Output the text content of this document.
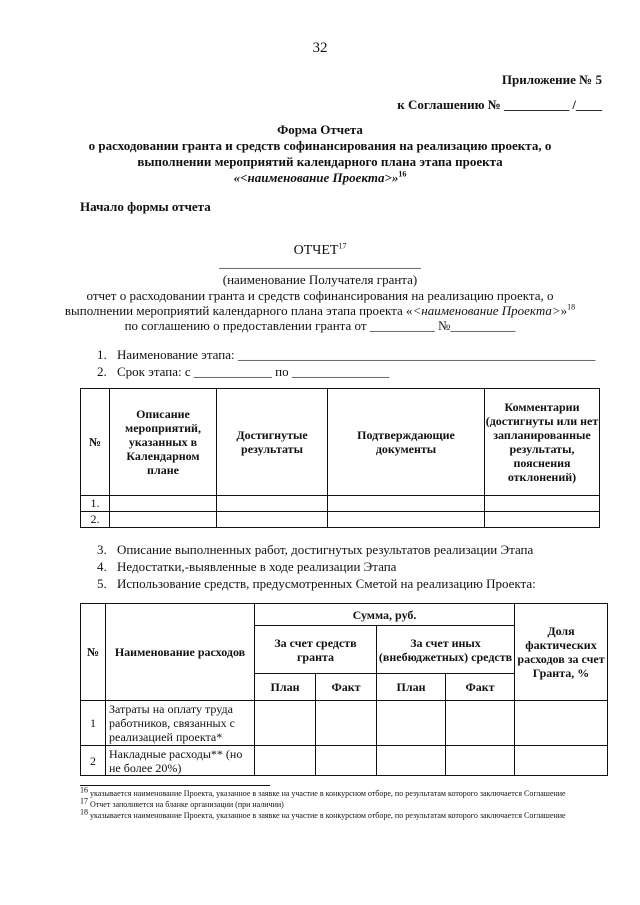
32
Приложение № 5
к Соглашению № __________ /____
Форма Отчета
о расходовании гранта и средств софинансирования на реализацию проекта, о
выполнении мероприятий календарного плана этапа проекта
«<наименование Проекта>»$^{16}$
Начало формы отчета
ОТЧЕТ$^{17}$
_______________________________
(наименование Получателя гранта)
отчет о расходовании гранта и средств софинансирования на реализацию проекта, о
выполнении мероприятий календарного плана этапа проекта «<наименование Проекта>»$^{18}$
по соглашению о предоставлении гранта от __________ №__________
1. Наименование этапа: _______________________________________________________
2. Срок этапа: с ____________ по _______________
№	Описание мероприятий, указанных в Календарном плане	Достигнутые результаты	Подтверждающие документы	Комментарии (достигнуты или нет запланированные результаты, пояснения отклонений)
1.				
2.				
3. Описание выполненных работ, достигнутых результатов реализации Этапа
4. Недостатки,-выявленные в ходе реализации Этапа
5. Использование средств, предусмотренных Сметой на реализацию Проекта:
№	Наименование расходов	Сумма, руб.				Доля фактических расходов за счет Гранта, %
		За счет средств гранта		За счет иных (внебюджетных) средств		
		План	Факт	План	Факт	
1	Затраты на оплату труда работников, связанных с реализацией проекта*					
2	Накладные расходы** (но не более 20%)					
$^{16}$ указывается наименование Проекта, указанное в заявке на участие в конкурсном отборе, по результатам которого заключается Соглашение
$^{17}$ Отчет заполняется на бланке организации (при наличии)
$^{18}$ указывается наименование Проекта, указанное в заявке на участие в конкурсном отборе, по результатам которого заключается Соглашение
